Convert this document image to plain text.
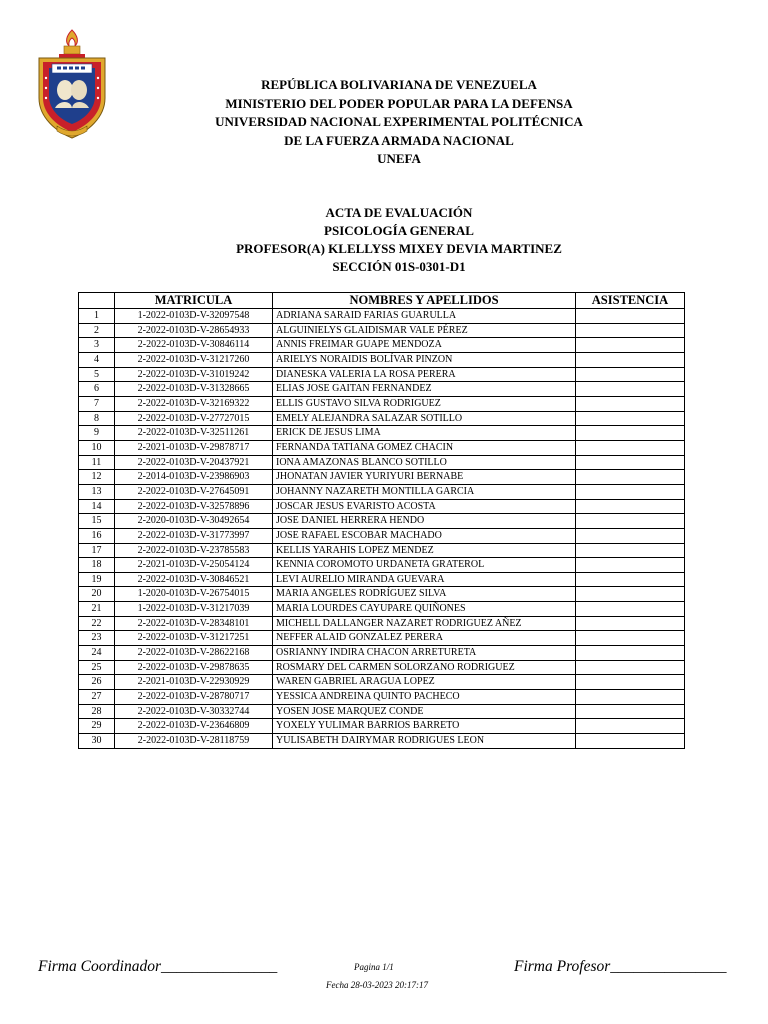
REPÚBLICA BOLIVARIANA DE VENEZUELA
MINISTERIO DEL PODER POPULAR PARA LA DEFENSA
UNIVERSIDAD NACIONAL EXPERIMENTAL POLITÉCNICA
DE LA FUERZA ARMADA NACIONAL
UNEFA
ACTA DE EVALUACIÓN
PSICOLOGÍA GENERAL
PROFESOR(A) KLELLYSS MIXEY DEVIA MARTINEZ
SECCIÓN 01S-0301-D1
	MATRICULA	NOMBRES Y APELLIDOS	ASISTENCIA
1	1-2022-0103D-V-32097548	ADRIANA SARAID FARIAS GUARULLA	
2	2-2022-0103D-V-28654933	ALGUINIELYS GLAIDISMAR VALE PÉREZ	
3	2-2022-0103D-V-30846114	ANNIS FREIMAR GUAPE MENDOZA	
4	2-2022-0103D-V-31217260	ARIELYS NORAIDIS BOLÍVAR PINZON	
5	2-2022-0103D-V-31019242	DIANESKA VALERIA LA ROSA PERERA	
6	2-2022-0103D-V-31328665	ELIAS JOSE GAITAN FERNANDEZ	
7	2-2022-0103D-V-32169322	ELLIS GUSTAVO SILVA RODRIGUEZ	
8	2-2022-0103D-V-27727015	EMELY ALEJANDRA SALAZAR SOTILLO	
9	2-2022-0103D-V-32511261	ERICK DE JESUS LIMA	
10	2-2021-0103D-V-29878717	FERNANDA TATIANA GOMEZ CHACIN	
11	2-2022-0103D-V-20437921	IONA AMAZONAS BLANCO SOTILLO	
12	2-2014-0103D-V-23986903	JHONATAN JAVIER YURIYURI BERNABE	
13	2-2022-0103D-V-27645091	JOHANNY NAZARETH MONTILLA GARCIA	
14	2-2022-0103D-V-32578896	JOSCAR JESUS EVARISTO ACOSTA	
15	2-2020-0103D-V-30492654	JOSE DANIEL HERRERA HENDO	
16	2-2022-0103D-V-31773997	JOSE RAFAEL ESCOBAR MACHADO	
17	2-2022-0103D-V-23785583	KELLIS YARAHIS LOPEZ MENDEZ	
18	2-2021-0103D-V-25054124	KENNIA COROMOTO URDANETA GRATEROL	
19	2-2022-0103D-V-30846521	LEVI AURELIO MIRANDA GUEVARA	
20	1-2020-0103D-V-26754015	MARIA ANGELES RODRÍGUEZ SILVA	
21	1-2022-0103D-V-31217039	MARIA LOURDES CAYUPARE QUIÑONES	
22	2-2022-0103D-V-28348101	MICHELL DALLANGER NAZARET RODRIGUEZ AÑEZ	
23	2-2022-0103D-V-31217251	NEFFER ALAID GONZALEZ PERERA	
24	2-2022-0103D-V-28622168	OSRIANNY INDIRA CHACON ARRETURETA	
25	2-2022-0103D-V-29878635	ROSMARY DEL CARMEN SOLORZANO RODRIGUEZ	
26	2-2021-0103D-V-22930929	WAREN GABRIEL ARAGUA LOPEZ	
27	2-2022-0103D-V-28780717	YESSICA ANDREINA QUINTO PACHECO	
28	2-2022-0103D-V-30332744	YOSEN JOSE MARQUEZ CONDE	
29	2-2022-0103D-V-23646809	YOXELY YULIMAR BARRIOS BARRETO	
30	2-2022-0103D-V-28118759	YULISABETH DAIRYMAR RODRIGUES LEON	
Firma Coordinador_______________	Pagina 1/1
Fecha 28-03-2023 20:17:17
Firma Profesor_______________
